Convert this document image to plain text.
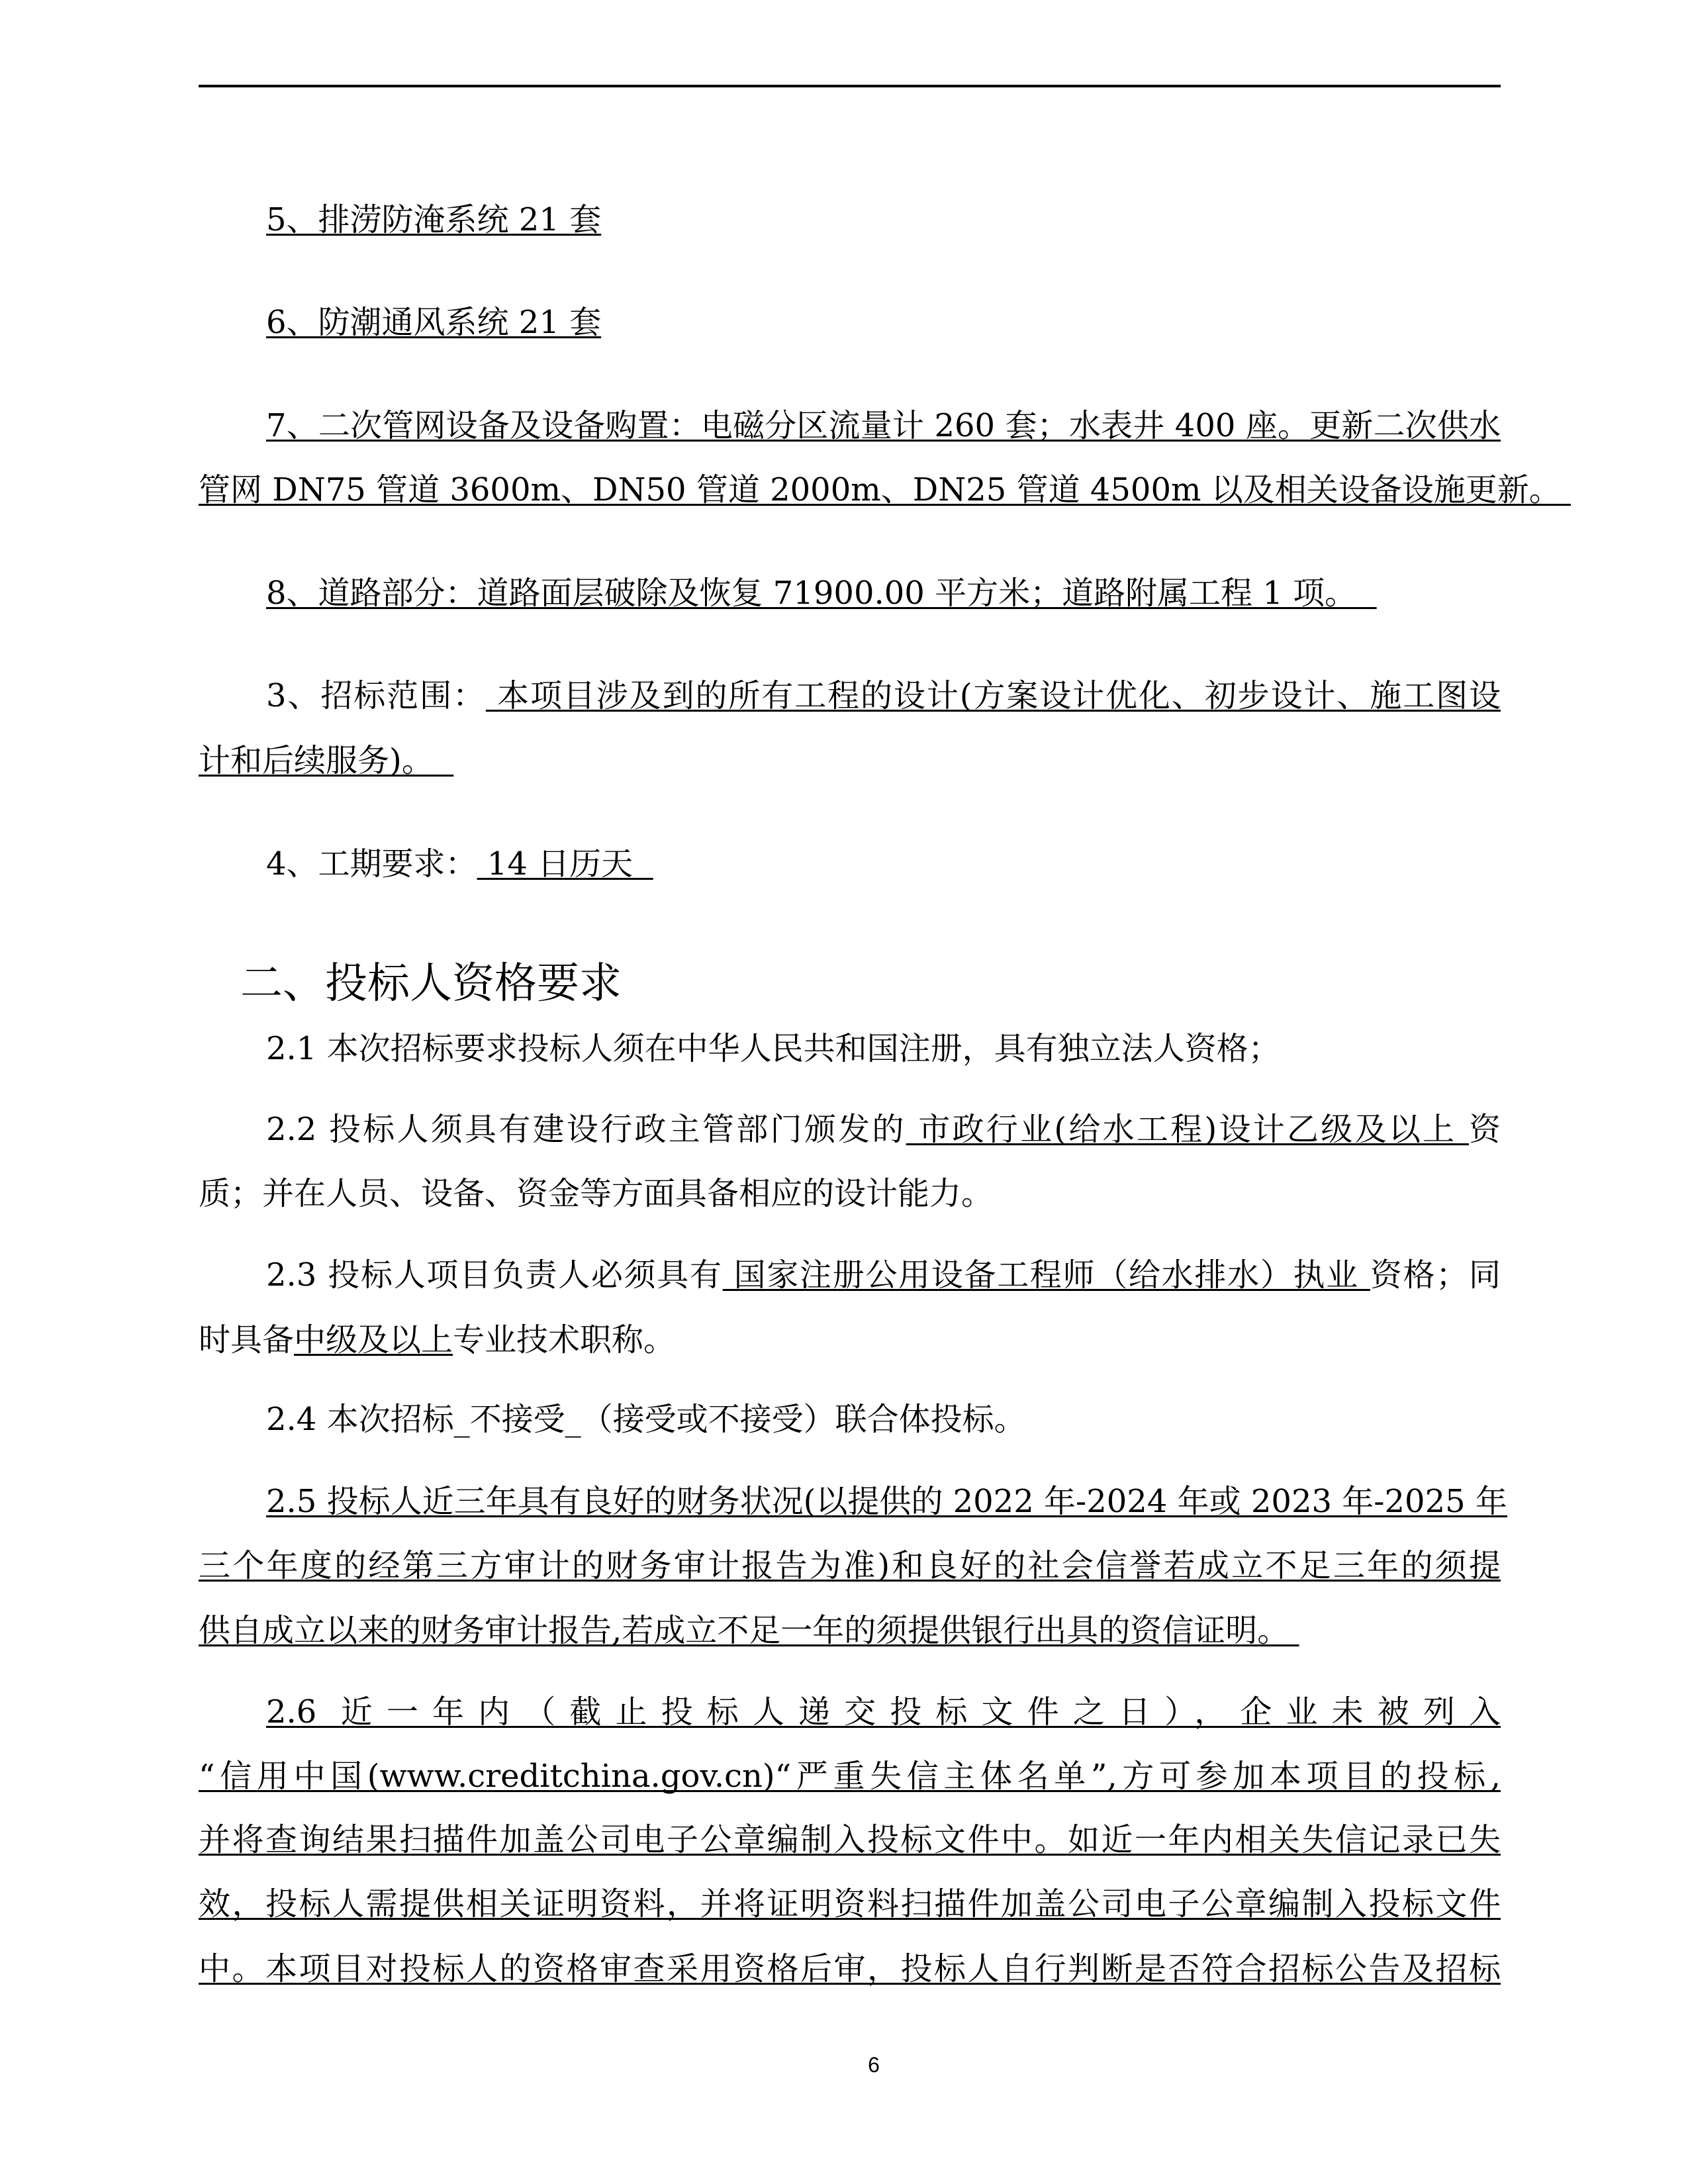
5、排涝防淹系统 21 套
6、防潮通风系统 21 套
7、二次管网设备及设备购置：电磁分区流量计 260 套；水表井 400 座。更新二次供水
管网 DN75 管道 3600m、DN50 管道 2000m、DN25 管道 4500m 以及相关设备设施更新。
8、道路部分：道路面层破除及恢复 71900.00 平方米；道路附属工程 1 项。
3、招标范围： 本项目涉及到的所有工程的设计(方案设计优化、初步设计、施工图设
计和后续服务)。
4、工期要求： 14 日历天
二、投标人资格要求
2.1 本次招标要求投标人须在中华人民共和国注册，具有独立法人资格；
2.2 投标人须具有建设行政主管部门颁发的 市政行业(给水工程)设计乙级及以上 资
质；并在人员、设备、资金等方面具备相应的设计能力。
2.3 投标人项目负责人必须具有 国家注册公用设备工程师（给水排水）执业 资格；同
时具备中级及以上专业技术职称。
2.4 本次招标_不接受_（接受或不接受）联合体投标。
2.5 投标人近三年具有良好的财务状况(以提供的 2022 年-2024 年或 2023 年-2025 年
三个年度的经第三方审计的财务审计报告为准)和良好的社会信誉若成立不足三年的须提
供自成立以来的财务审计报告,若成立不足一年的须提供银行出具的资信证明。
2.6 近一年内（截止投标人递交投标文件之日），企业未被列入
“信用中国(www.creditchina.gov.cn)“严重失信主体名单”,方可参加本项目的投标,
并将查询结果扫描件加盖公司电子公章编制入投标文件中。如近一年内相关失信记录已失
效，投标人需提供相关证明资料，并将证明资料扫描件加盖公司电子公章编制入投标文件
中。本项目对投标人的资格审查采用资格后审，投标人自行判断是否符合招标公告及招标
6
